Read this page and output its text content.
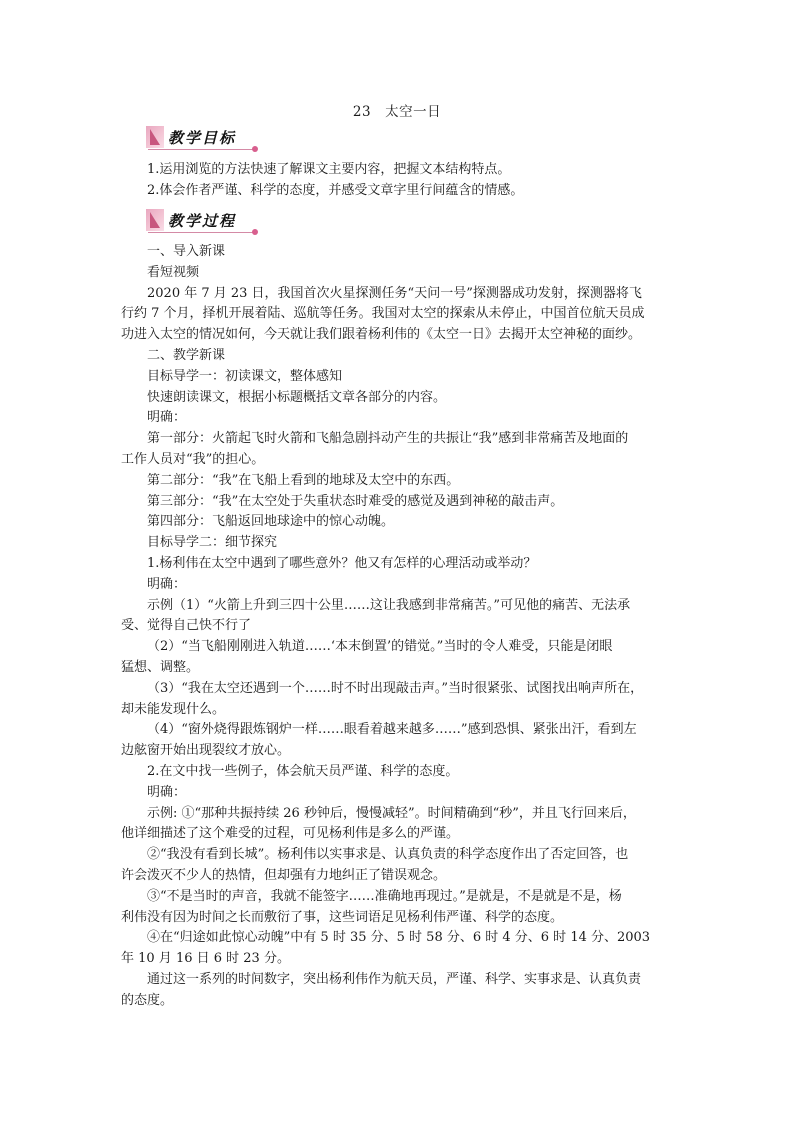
23　太空一日
教学目标

1.运用浏览的方法快速了解课文主要内容，把握文本结构特点。

2.体会作者严谨、科学的态度，并感受文章字里行间蕴含的情感。

教学过程

一、导入新课

看短视频

2020 年 7 月 23 日，我国首次火星探测任务“天问一号”探测器成功发射，探测器将飞

行约 7 个月，择机开展着陆、巡航等任务。我国对太空的探索从未停止，中国首位航天员成

功进入太空的情况如何，今天就让我们跟着杨利伟的《太空一日》去揭开太空神秘的面纱。

二、教学新课

目标导学一：初读课文，整体感知

快速朗读课文，根据小标题概括文章各部分的内容。

明确：

第一部分：火箭起飞时火箭和飞船急剧抖动产生的共振让“我”感到非常痛苦及地面的

工作人员对“我”的担心。

第二部分：“我”在飞船上看到的地球及太空中的东西。

第三部分：“我”在太空处于失重状态时难受的感觉及遇到神秘的敲击声。

第四部分：飞船返回地球途中的惊心动魄。

目标导学二：细节探究

1.杨利伟在太空中遇到了哪些意外？他又有怎样的心理活动或举动？

明确：

示例（1）“火箭上升到三四十公里……这让我感到非常痛苦。”可见他的痛苦、无法承

受、觉得自己快不行了

（2）“当飞船刚刚进入轨道……‘本末倒置’的错觉。”当时的令人难受，只能是闭眼

猛想、调整。

（3）“我在太空还遇到一个……时不时出现敲击声。”当时很紧张、试图找出响声所在，

却未能发现什么。

（4）“窗外烧得跟炼钢炉一样……眼看着越来越多……”感到恐惧、紧张出汗，看到左

边舷窗开始出现裂纹才放心。

2.在文中找一些例子，体会航天员严谨、科学的态度。

明确：

示例: ①“那种共振持续 26 秒钟后，慢慢减轻”。时间精确到“秒”，并且飞行回来后，

他详细描述了这个难受的过程，可见杨利伟是多么的严谨。

②“我没有看到长城”。杨利伟以实事求是、认真负责的科学态度作出了否定回答，也

许会泼灭不少人的热情，但却强有力地纠正了错误观念。

③“不是当时的声音，我就不能签字……准确地再现过。”是就是，不是就是不是，杨

利伟没有因为时间之长而敷衍了事，这些词语足见杨利伟严谨、科学的态度。

④在“归途如此惊心动魄”中有 5 时 35 分、5 时 58 分、6 时 4 分、6 时 14 分、2003

年 10 月 16 日 6 时 23 分。

通过这一系列的时间数字，突出杨利伟作为航天员，严谨、科学、实事求是、认真负责

的态度。
